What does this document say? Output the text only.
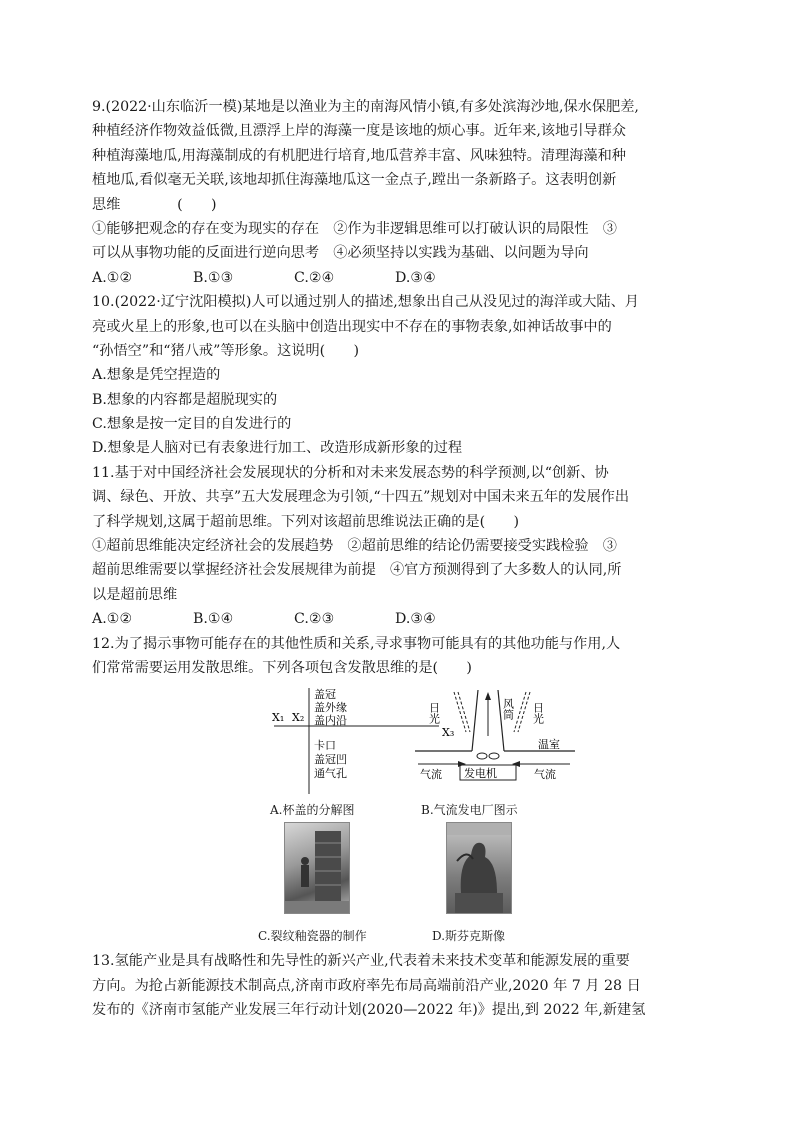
9.(2022·山东临沂一模)某地是以渔业为主的南海风情小镇,有多处滨海沙地,保水保肥差,
种植经济作物效益低微,且漂浮上岸的海藻一度是该地的烦心事。近年来,该地引导群众
种植海藻地瓜,用海藻制成的有机肥进行培育,地瓜营养丰富、风味独特。清理海藻和种
植地瓜,看似毫无关联,该地却抓住海藻地瓜这一金点子,蹚出一条新路子。这表明创新
思维　　　　(　　)
①能够把观念的存在变为现实的存在　②作为非逻辑思维可以打破认识的局限性　③
可以从事物功能的反面进行逆向思考　④必须坚持以实践为基础、以问题为导向
A.①②	B.①③	C.②④	D.③④
10.(2022·辽宁沈阳模拟)人可以通过别人的描述,想象出自己从没见过的海洋或大陆、月
亮或火星上的形象,也可以在头脑中创造出现实中不存在的事物表象,如神话故事中的
“孙悟空”和“猪八戒”等形象。这说明(　　)
A.想象是凭空捏造的
B.想象的内容都是超脱现实的
C.想象是按一定目的自发进行的
D.想象是人脑对已有表象进行加工、改造形成新形象的过程
11.基于对中国经济社会发展现状的分析和对未来发展态势的科学预测,以“创新、协
调、绿色、开放、共享”五大发展理念为引领,“十四五”规划对中国未来五年的发展作出
了科学规划,这属于超前思维。下列对该超前思维说法正确的是(　　)
①超前思维能决定经济社会的发展趋势　②超前思维的结论仍需要接受实践检验　③
超前思维需要以掌握经济社会发展规律为前提　④官方预测得到了大多数人的认同,所
以是超前思维
A.①②	B.①④	C.②③	D.③④
12.为了揭示事物可能存在的其他性质和关系,寻求事物可能具有的其他功能与作用,人
们常常需要运用发散思维。下列各项包含发散思维的是(　　)
X₁ X₂
X₃
盖冠
盖外缘
盖内沿
卡口
盖冠凹
通气孔
A.杯盖的分解图
日光	风筒 日光
温室
气流 发电机	气流
B.气流发电厂图示
C.裂纹釉瓷器的制作	D.斯芬克斯像
13.氢能产业是具有战略性和先导性的新兴产业,代表着未来技术变革和能源发展的重要
方向。为抢占新能源技术制高点,济南市政府率先布局高端前沿产业,2020 年 7 月 28 日
发布的《济南市氢能产业发展三年行动计划(2020—2022 年)》提出,到 2022 年,新建氢
